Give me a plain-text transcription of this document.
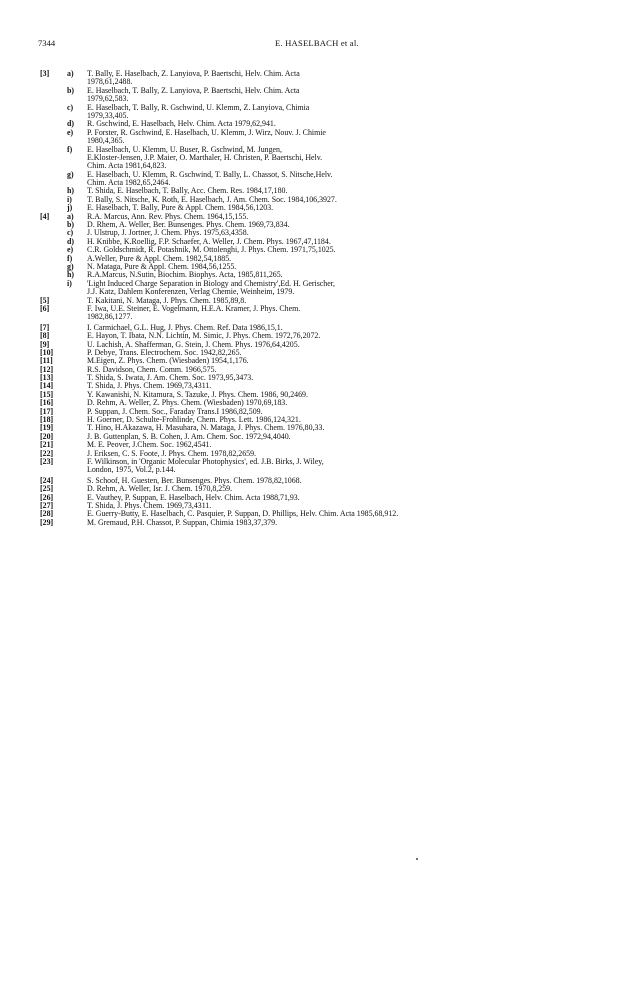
7344	E. HASELBACH et al.
[3] a) T. Bally, E. Haselbach, Z. Lanyiova, P. Baertschi, Helv. Chim. Acta
1978,61,2488.
b) E. Haselbach, T. Bally, Z. Lanyiova, P. Baertschi, Helv. Chim. Acta
1979,62,583.
c) E. Haselbach, T. Bally, R. Gschwind, U. Klemm, Z. Lanyiova, Chimia
1979,33,405.
d) R. Gschwind, E. Haselbach, Helv. Chim. Acta 1979,62,941.
e) P. Forster, R. Gschwind, E. Haselbach, U. Klemm, J. Wirz, Nouv. J. Chimie
1980,4,365.
f) E. Haselbach, U. Klemm, U. Buser, R. Gschwind, M. Jungen,
E.Kloster-Jensen, J.P. Maier, O. Marthaler, H. Christen, P. Baertschi, Helv.
Chim. Acta 1981,64,823.
g) E. Haselbach, U. Klemm, R. Gschwind, T. Bally, L. Chassot, S. Nitsche,Helv.
Chim. Acta 1982,65,2464.
h) T. Shida, E. Haselbach, T. Bally, Acc. Chem. Res. 1984,17,180.
i) T. Bally, S. Nitsche, K. Roth, E. Haselbach, J. Am. Chem. Soc. 1984,106,3927.
j) E. Haselbach, T. Bally, Pure & Appl. Chem. 1984,56,1203.
[4] a) R.A. Marcus, Ann. Rev. Phys. Chem. 1964,15,155.
b) D. Rhem, A. Weller, Ber. Bunsenges. Phys. Chem. 1969,73,834.
c) J. Ulstrup, J. Jortner, J. Chem. Phys. 1975,63,4358.
d) H. Knibbe, K.Roellig, F.P. Schaefer, A. Weller, J. Chem. Phys. 1967,47,1184.
e) C.R. Goldschmidt, R. Potashnik, M. Ottolenghi, J. Phys. Chem. 1971,75,1025.
f) A.Weller, Pure & Appl. Chem. 1982,54,1885.
g) N. Mataga, Pure & Appl. Chem. 1984,56,1255.
h) R.A.Marcus, N.Sutin, Biochim. Biophys. Acta, 1985,811,265.
i) 'Light Induced Charge Separation in Biology and Chemistry',Ed. H. Gerischer,
J.J. Katz, Dahlem Konferenzen, Verlag Chemie, Weinheim, 1979.
[5]	T. Kakitani, N. Mataga, J. Phys. Chem. 1985,89,8.
[6]	F. Iwa, U.E. Steiner, E. Vogelmann, H.E.A. Kramer, J. Phys. Chem.
1982,86,1277.
[7]	I. Carmichael, G.L. Hug, J. Phys. Chem. Ref. Data 1986,15,1.
[8]	E. Hayon, T. Ibata, N.N. Lichtin, M. Simic, J. Phys. Chem. 1972,76,2072.
[9]	U. Lachish, A. Shafferman, G. Stein, J. Chem. Phys. 1976,64,4205.
[10]	P. Debye, Trans. Electrochem. Soc. 1942,82,265.
[11]	M.Eigen, Z. Phys. Chem. (Wiesbaden) 1954,1,176.
[12]	R.S. Davidson, Chem. Comm. 1966,575.
[13]	T. Shida, S. Iwata, J. Am. Chem. Soc. 1973,95,3473.
[14]	T. Shida, J. Phys. Chem. 1969,73,4311.
[15]	Y. Kawanishi, N. Kitamura, S. Tazuke, J. Phys. Chem. 1986, 90,2469.
[16]	D. Rehm, A. Weller, Z. Phys. Chem. (Wiesbaden) 1970,69,183.
[17]	P. Suppan, J. Chem. Soc., Faraday Trans.I 1986,82,509.
[18]	H. Goerner, D. Schulte-Frohlinde, Chem. Phys. Lett. 1986,124,321.
[19]	T. Hino, H.Akazawa, H. Masuhara, N. Mataga, J. Phys. Chem. 1976,80,33.
[20]	J. B. Guttenplan, S. B. Cohen, J. Am. Chem. Soc. 1972,94,4040.
[21]	M. E. Peover, J.Chem. Soc. 1962,4541.
[22]	J. Eriksen, C. S. Foote, J. Phys. Chem. 1978,82,2659.
[23]	F. Wilkinson, in 'Organic Molecular Photophysics', ed. J.B. Birks, J. Wiley,
London, 1975, Vol.2, p.144.
[24]	S. Schoof, H. Guesten, Ber. Bunsenges. Phys. Chem. 1978,82,1068.
[25]	D. Rehm, A. Weller, Isr. J. Chem. 1970,8,259.
[26]	E. Vauthey, P. Suppan, E. Haselbach, Helv. Chim. Acta 1988,71,93.
[27]	T. Shida, J. Phys. Chem. 1969,73,4311.
[28]	E. Guerry-Butty, E. Haselbach, C. Pasquier, P. Suppan, D. Phillips, Helv. Chim. Acta 1985,68,912.
[29]	M. Gremaud, P.H. Chassot, P. Suppan, Chimia 1983,37,379.
